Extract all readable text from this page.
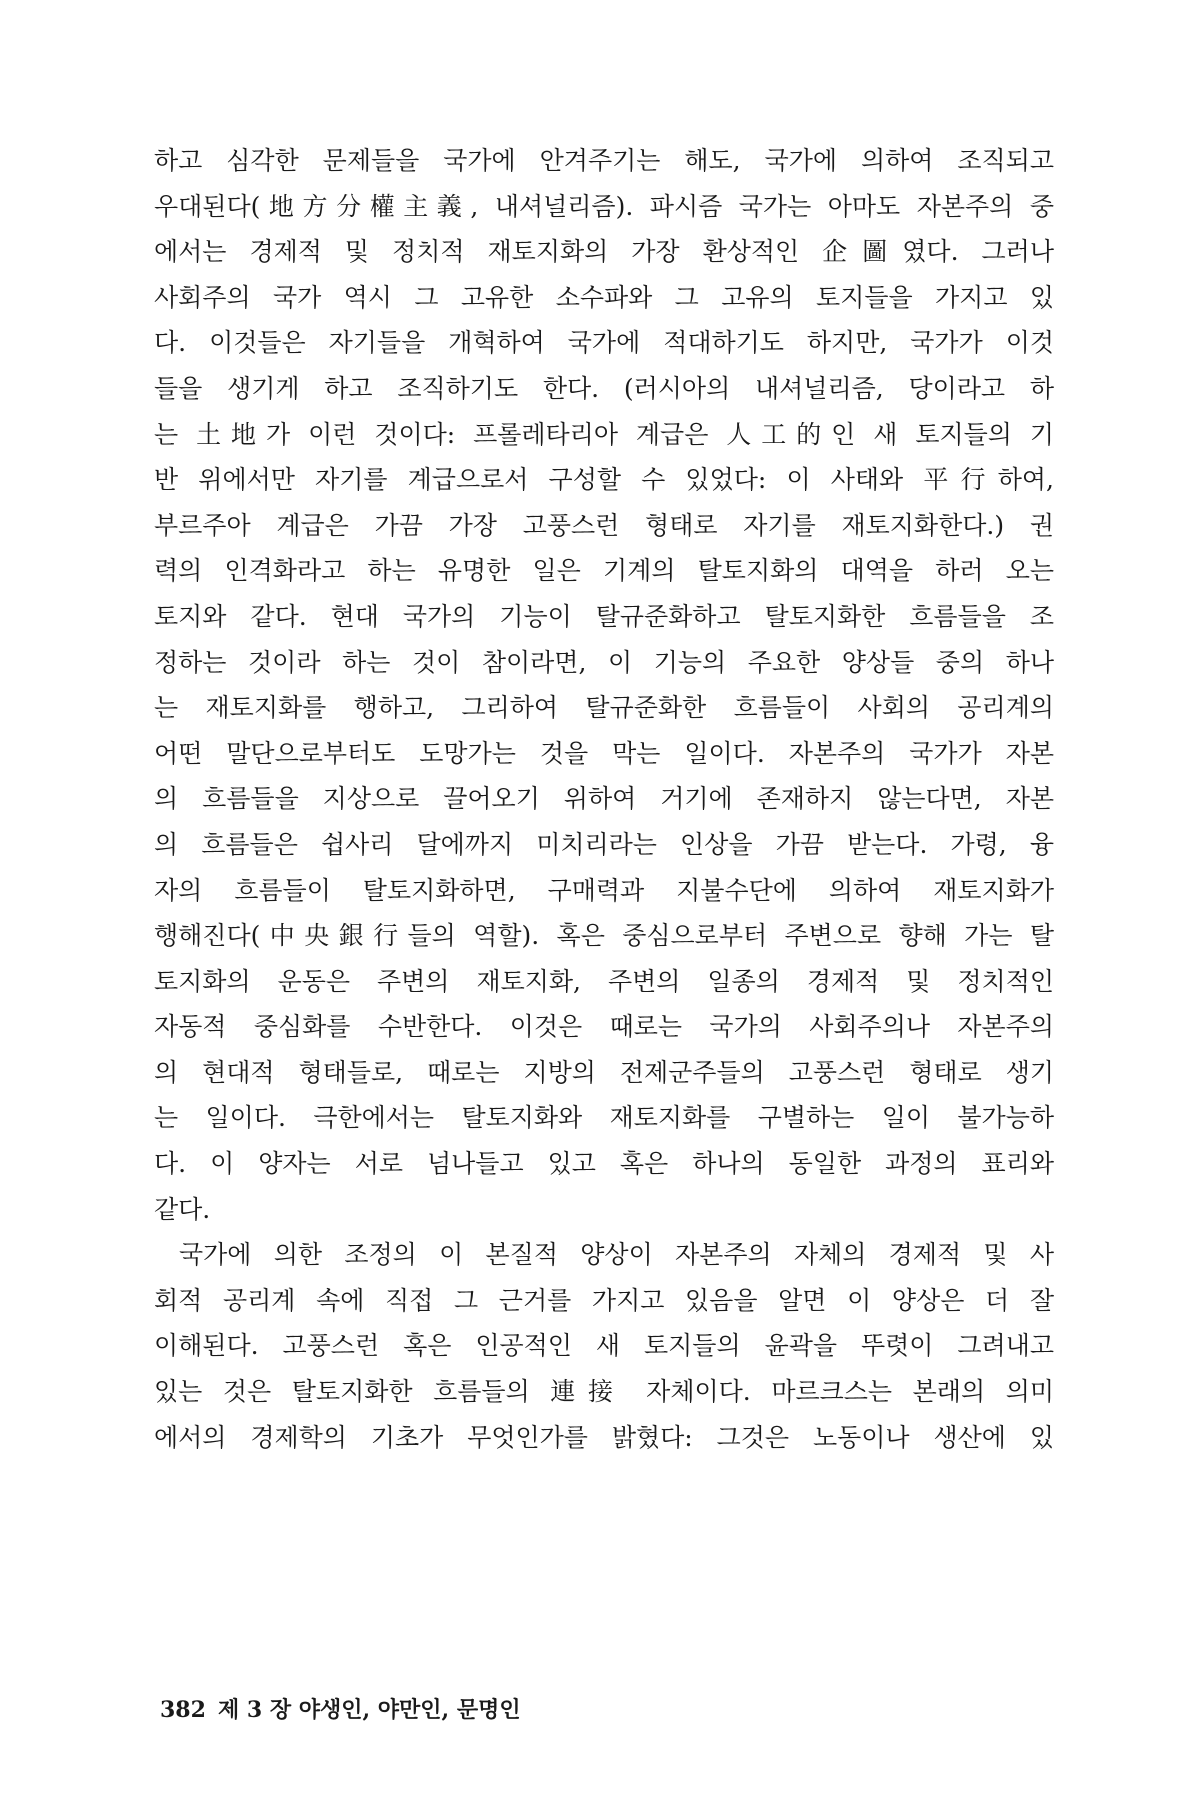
하고 심각한 문제들을 국가에 안겨주기는 해도, 국가에 의하여 조직되고
우대된다(地方分權主義, 내셔널리즘). 파시즘 국가는 아마도 자본주의 중
에서는 경제적 및 정치적 재토지화의 가장 환상적인 企圖였다. 그러나
사회주의 국가 역시 그 고유한 소수파와 그 고유의 토지들을 가지고 있
다. 이것들은 자기들을 개혁하여 국가에 적대하기도 하지만, 국가가 이것
들을 생기게 하고 조직하기도 한다. (러시아의 내셔널리즘, 당이라고 하
는 土地가 이런 것이다: 프롤레타리아 계급은 人工的인 새 토지들의 기
반 위에서만 자기를 계급으로서 구성할 수 있었다: 이 사태와 平行하여,
부르주아 계급은 가끔 가장 고풍스런 형태로 자기를 재토지화한다.) 권
력의 인격화라고 하는 유명한 일은 기계의 탈토지화의 대역을 하러 오는
토지와 같다. 현대 국가의 기능이 탈규준화하고 탈토지화한 흐름들을 조
정하는 것이라 하는 것이 참이라면, 이 기능의 주요한 양상들 중의 하나
는 재토지화를 행하고, 그리하여 탈규준화한 흐름들이 사회의 공리계의
어떤 말단으로부터도 도망가는 것을 막는 일이다. 자본주의 국가가 자본
의 흐름들을 지상으로 끌어오기 위하여 거기에 존재하지 않는다면, 자본
의 흐름들은 쉽사리 달에까지 미치리라는 인상을 가끔 받는다. 가령, 융
자의 흐름들이 탈토지화하면, 구매력과 지불수단에 의하여 재토지화가
행해진다(中央銀行들의 역할). 혹은 중심으로부터 주변으로 향해 가는 탈
토지화의 운동은 주변의 재토지화, 주변의 일종의 경제적 및 정치적인
자동적 중심화를 수반한다. 이것은 때로는 국가의 사회주의나 자본주의
의 현대적 형태들로, 때로는 지방의 전제군주들의 고풍스런 형태로 생기
는 일이다. 극한에서는 탈토지화와 재토지화를 구별하는 일이 불가능하
다. 이 양자는 서로 넘나들고 있고 혹은 하나의 동일한 과정의 표리와
같다.
국가에 의한 조정의 이 본질적 양상이 자본주의 자체의 경제적 및 사
회적 공리계 속에 직접 그 근거를 가지고 있음을 알면 이 양상은 더 잘
이해된다. 고풍스런 혹은 인공적인 새 토지들의 윤곽을 뚜렷이 그려내고
있는 것은 탈토지화한 흐름들의 連接 자체이다. 마르크스는 본래의 의미
에서의 경제학의 기초가 무엇인가를 밝혔다: 그것은 노동이나 생산에 있
382 제 3 장 야생인, 야만인, 문명인
